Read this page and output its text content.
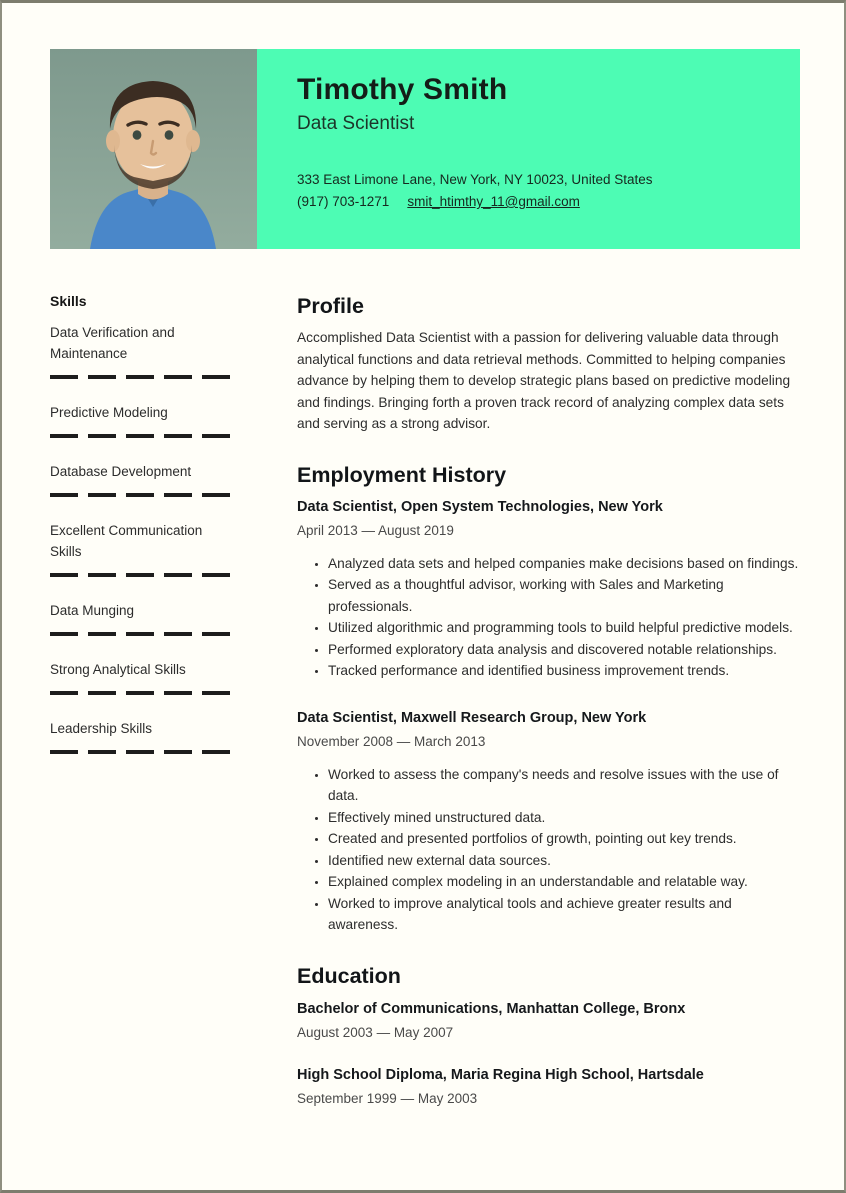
Timothy Smith
Data Scientist
333 East Limone Lane, New York, NY 10023, United States
(917) 703-1271 smit_htimthy_11@gmail.com
Skills
Data Verification and Maintenance
Predictive Modeling
Database Development
Excellent Communication Skills
Data Munging
Strong Analytical Skills
Leadership Skills
Profile
Accomplished Data Scientist with a passion for delivering valuable data through analytical functions and data retrieval methods. Committed to helping companies advance by helping them to develop strategic plans based on predictive modeling and findings. Bringing forth a proven track record of analyzing complex data sets and serving as a strong advisor.
Employment History
Data Scientist, Open System Technologies, New York
April 2013 — August 2019
• Analyzed data sets and helped companies make decisions based on findings.
• Served as a thoughtful advisor, working with Sales and Marketing professionals.
• Utilized algorithmic and programming tools to build helpful predictive models.
• Performed exploratory data analysis and discovered notable relationships.
• Tracked performance and identified business improvement trends.
Data Scientist, Maxwell Research Group, New York
November 2008 — March 2013
• Worked to assess the company's needs and resolve issues with the use of data.
• Effectively mined unstructured data.
• Created and presented portfolios of growth, pointing out key trends.
• Identified new external data sources.
• Explained complex modeling in an understandable and relatable way.
• Worked to improve analytical tools and achieve greater results and awareness.
Education
Bachelor of Communications, Manhattan College, Bronx
August 2003 — May 2007
High School Diploma, Maria Regina High School, Hartsdale
September 1999 — May 2003
